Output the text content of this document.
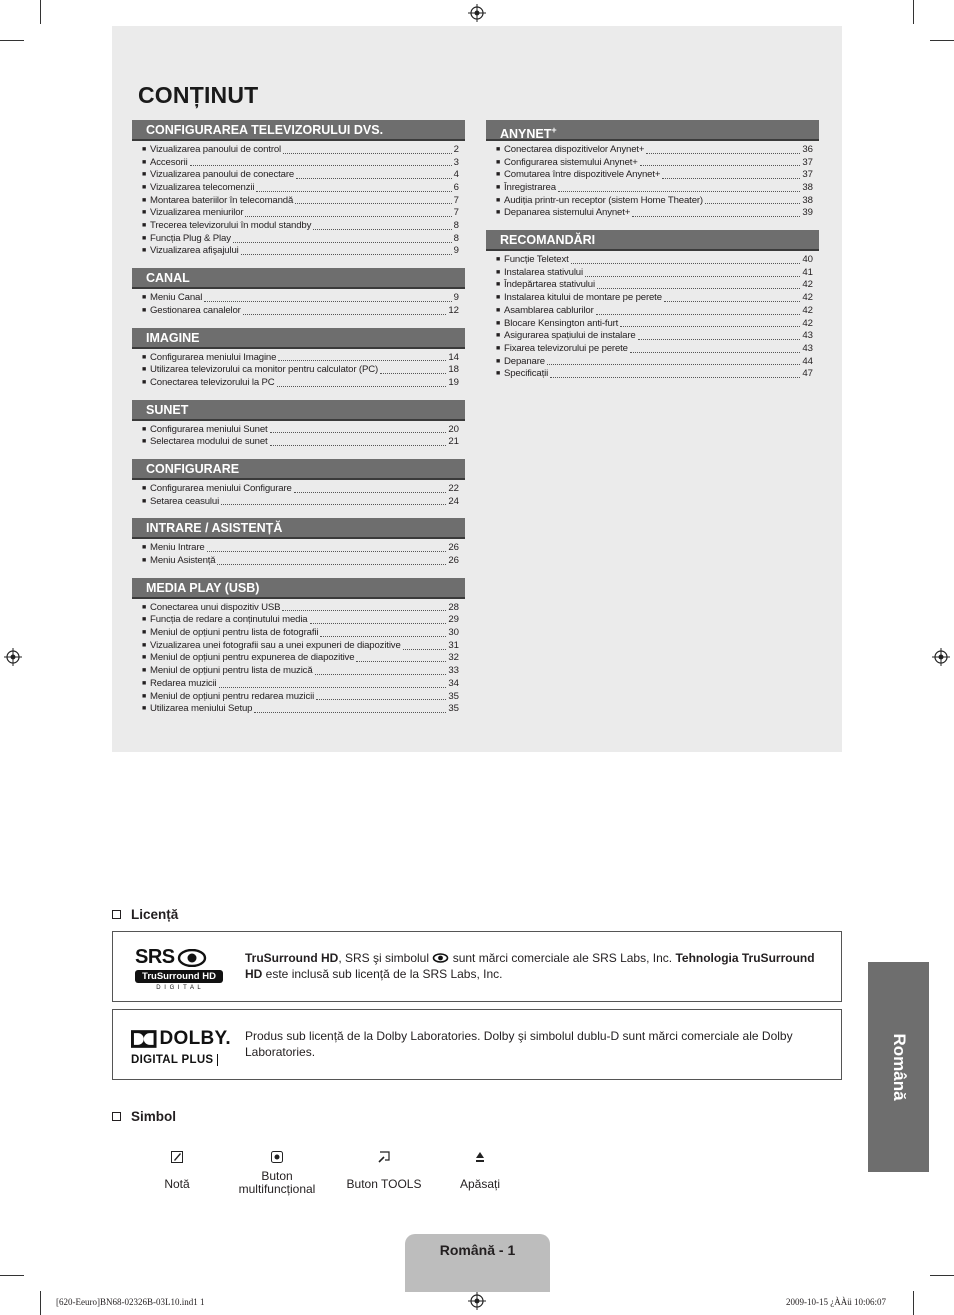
CONȚINUT
CONFIGURAREA TELEVIZORULUI DVS.
■ Vizualizarea panoului de control	2
■ Accesorii	3
■ Vizualizarea panoului de conectare	4
■ Vizualizarea telecomenzii	6
■ Montarea bateriilor în telecomandă	7
■ Vizualizarea meniurilor	7
■ Trecerea televizorului în modul standby	8
■ Funcția Plug & Play	8
■ Vizualizarea afişajului	9
CANAL
■ Meniu Canal	9
■ Gestionarea canalelor	12
IMAGINE
■ Configurarea meniului Imagine	14
■ Utilizarea televizorului ca monitor pentru calculator (PC)	18
■ Conectarea televizorului la PC	19
SUNET
■ Configurarea meniului Sunet	20
■ Selectarea modului de sunet	21
CONFIGURARE
■ Configurarea meniului Configurare	22
■ Setarea ceasului	24
INTRARE / ASISTENȚĂ
■ Meniu Intrare	26
■ Meniu Asistență	26
MEDIA PLAY (USB)
■ Conectarea unui dispozitiv USB	28
■ Funcția de redare a conținutului media	29
■ Meniul de opțiuni pentru lista de fotografii	30
■ Vizualizarea unei fotografii sau a unei expuneri de diapozitive	31
■ Meniul de opțiuni pentru expunerea de diapozitive	32
■ Meniul de opțiuni pentru lista de muzică	33
■ Redarea muzicii	34
■ Meniul de opțiuni pentru redarea muzicii	35
■ Utilizarea meniului Setup	35
ANYNET+
■ Conectarea dispozitivelor Anynet+	36
■ Configurarea sistemului Anynet+	37
■ Comutarea între dispozitivele Anynet+	37
■ Înregistrarea	38
■ Audiția printr-un receptor (sistem Home Theater)	38
■ Depanarea sistemului Anynet+	39
RECOMANDĂRI
■ Funcție Teletext	40
■ Instalarea stativului	41
■ Îndepărtarea stativului	42
■ Instalarea kitului de montare pe perete	42
■ Asamblarea cablurilor	42
■ Blocare Kensington anti-furt	42
■ Asigurarea spațiului de instalare	43
■ Fixarea televizorului pe perete	43
■ Depanare	44
■ Specificații	47
Licență
SRS
TruSurround HD
D I G I T A L
TruSurround HD, SRS şi simbolul  sunt mărci comerciale ale SRS Labs, Inc. Tehnologia TruSurround HD este inclusă sub licență de la SRS Labs, Inc.
DOLBY.
DIGITAL PLUS
Produs sub licență de la Dolby Laboratories. Dolby şi simbolul dublu-D sunt mărci comerciale ale Dolby Laboratories.
Simbol
Notă
Buton multifuncțional	Buton TOOLS	Apăsați
Română
Română - 1
[620-Eeuro]BN68-02326B-03L10.ind1 1	2009-10-15 ¿ÀÀü 10:06:07
